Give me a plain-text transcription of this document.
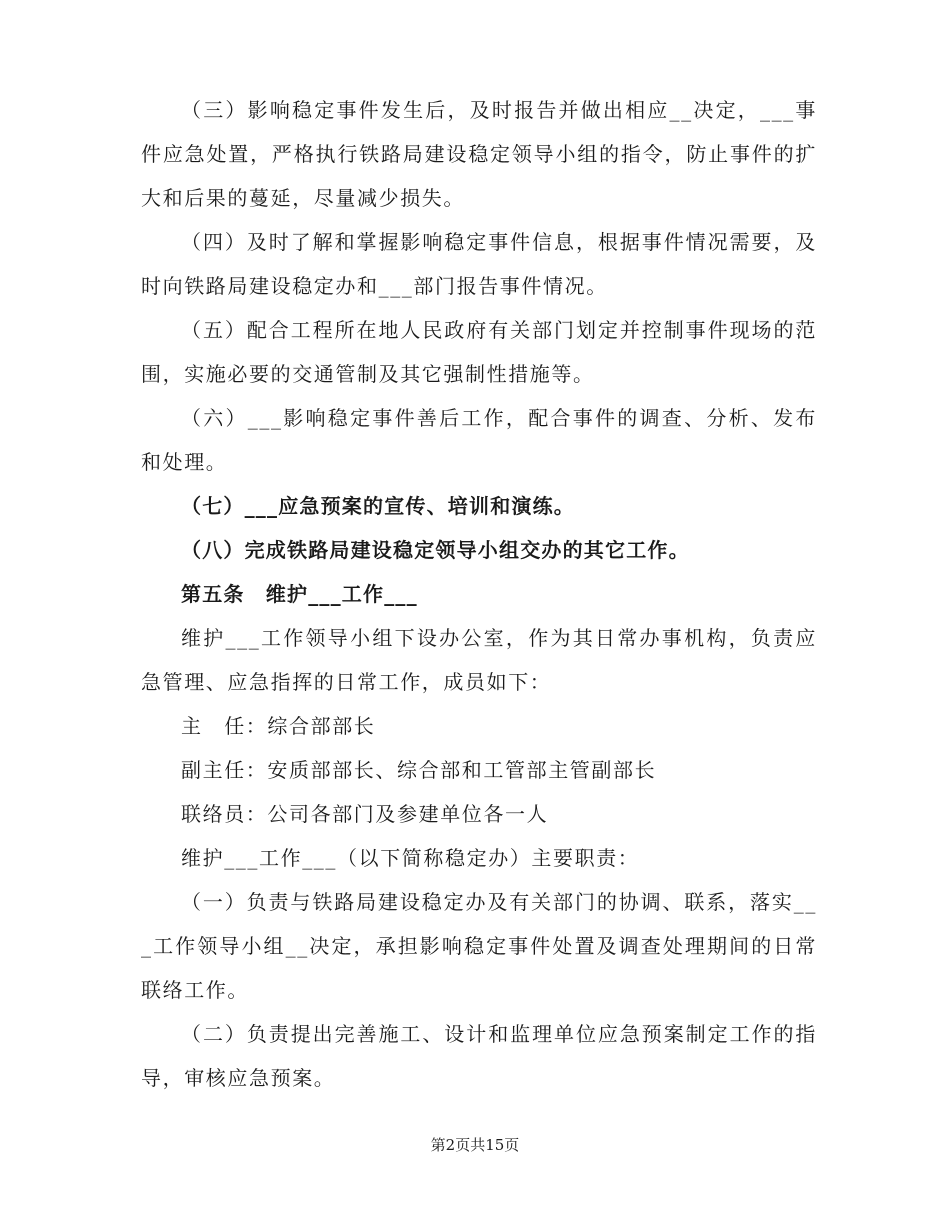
（三）影响稳定事件发生后，及时报告并做出相应__决定，___事件应急处置，严格执行铁路局建设稳定领导小组的指令，防止事件的扩大和后果的蔓延，尽量减少损失。

（四）及时了解和掌握影响稳定事件信息，根据事件情况需要，及时向铁路局建设稳定办和___部门报告事件情况。

（五）配合工程所在地人民政府有关部门划定并控制事件现场的范围，实施必要的交通管制及其它强制性措施等。

（六）___影响稳定事件善后工作，配合事件的调查、分析、发布和处理。

（七）___应急预案的宣传、培训和演练。

（八）完成铁路局建设稳定领导小组交办的其它工作。

第五条　维护___工作___

维护___工作领导小组下设办公室，作为其日常办事机构，负责应急管理、应急指挥的日常工作，成员如下：

主　任：综合部部长

副主任：安质部部长、综合部和工管部主管副部长

联络员：公司各部门及参建单位各一人

维护___工作___（以下简称稳定办）主要职责：

（一）负责与铁路局建设稳定办及有关部门的协调、联系，落实___工作领导小组__决定，承担影响稳定事件处置及调查处理期间的日常联络工作。

（二）负责提出完善施工、设计和监理单位应急预案制定工作的指导，审核应急预案。

第2页共15页
